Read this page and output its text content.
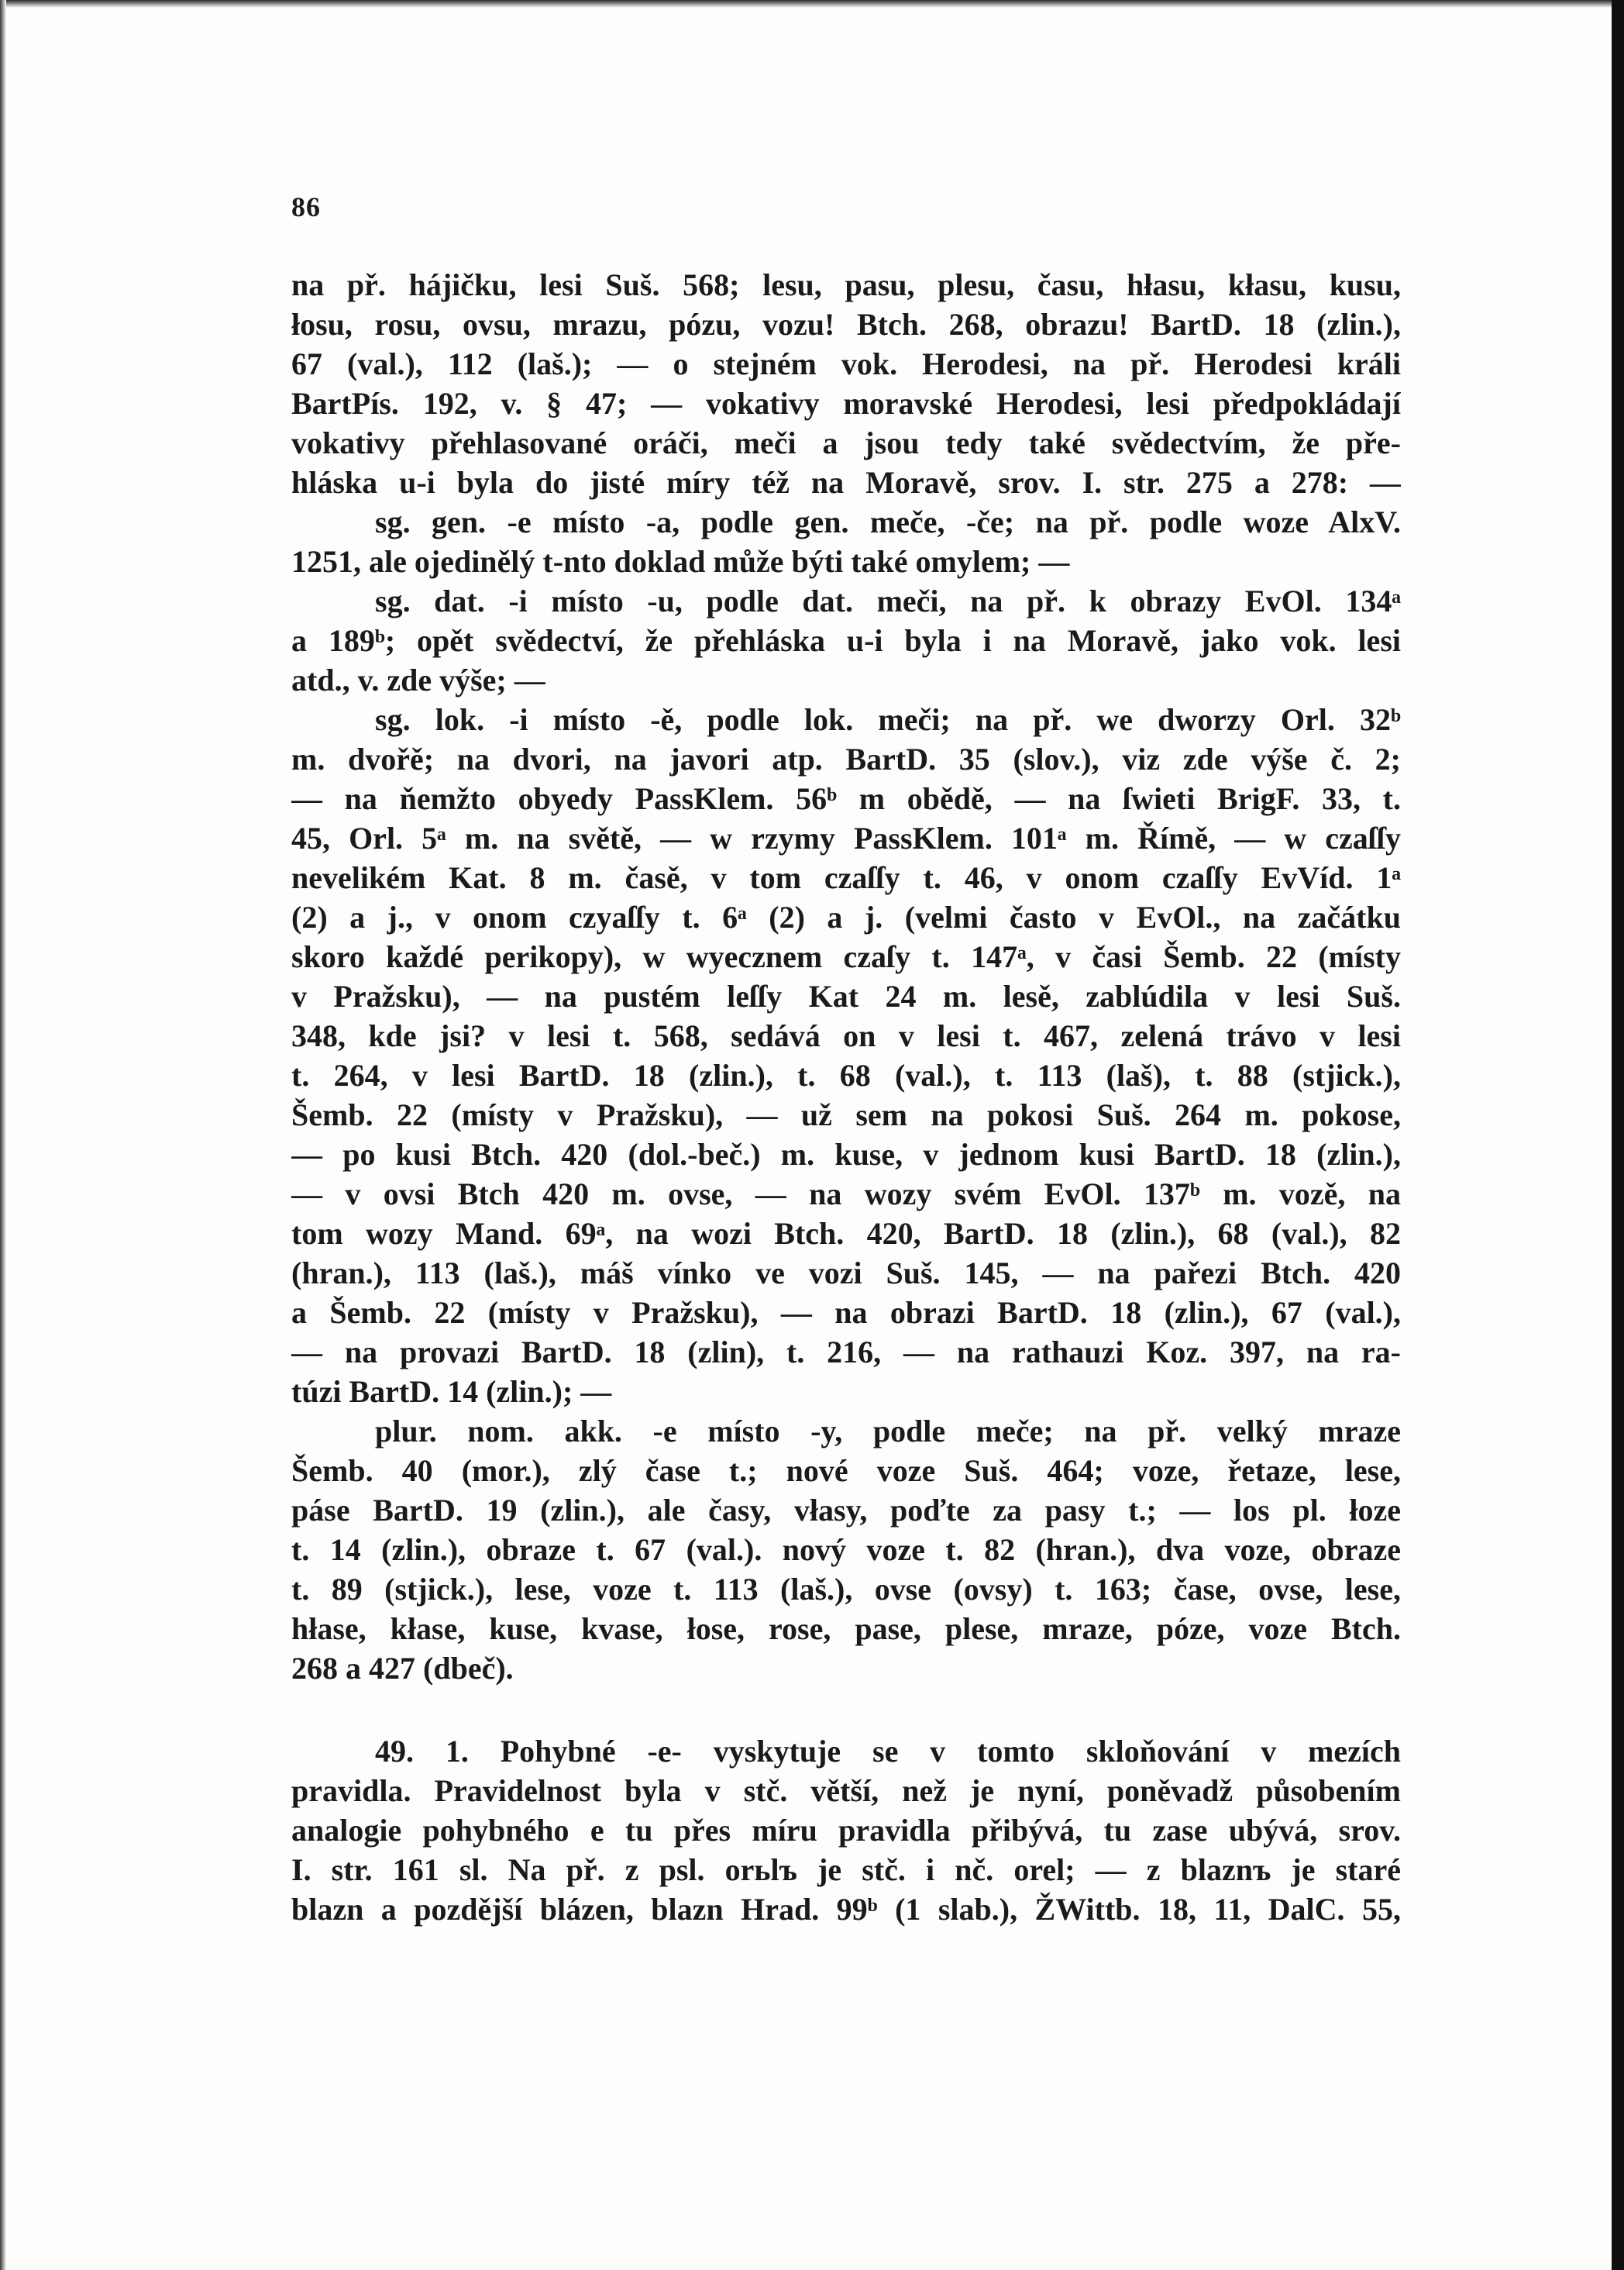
86
na př. hájičku, lesi Suš. 568; lesu, pasu, plesu, času, hłasu, kłasu, kusu,
łosu, rosu, ovsu, mrazu, pózu, vozu! Btch. 268, obrazu! BartD. 18 (zlin.),
67 (val.), 112 (laš.); — o stejném vok. Herodesi, na př. Herodesi králi
BartPís. 192, v. § 47; — vokativy moravské Herodesi, lesi předpokládají
vokativy přehlasované oráči, meči a jsou tedy také svědectvím, že pře-
hláska u-i byla do jisté míry též na Moravě, srov. I. str. 275 a 278: —
sg. gen. -e místo -a, podle gen. meče, -če; na př. podle woze AlxV.
1251, ale ojedinělý t-nto doklad může býti také omylem; —
sg. dat. -i místo -u, podle dat. meči, na př. k obrazy EvOl. 134ᵃ
a 189ᵇ; opět svědectví, že přehláska u-i byla i na Moravě, jako vok. lesi
atd., v. zde výše; —
sg. lok. -i místo -ě, podle lok. meči; na př. we dworzy Orl. 32ᵇ
m. dvořě; na dvori, na javori atp. BartD. 35 (slov.), viz zde výše č. 2;
— na ňemžto obyedy PassKlem. 56ᵇ m obědě, — na ſwieti BrigF. 33, t.
45, Orl. 5ᵃ m. na světě, — w rzymy PassKlem. 101ᵃ m. Římě, — w czaſſy
nevelikém Kat. 8 m. časě, v tom czaſſy t. 46, v onom czaſſy EvVíd. 1ᵃ
(2) a j., v onom czyaſſy t. 6ᵃ (2) a j. (velmi často v EvOl., na začátku
skoro každé perikopy), w wyecznem czaſy t. 147ᵃ, v časi Šemb. 22 (místy
v Pražsku), — na pustém leſſy Kat 24 m. lesě, zablúdila v lesi Suš.
348, kde jsi? v lesi t. 568, sedává on v lesi t. 467, zelená trávo v lesi
t. 264, v lesi BartD. 18 (zlin.), t. 68 (val.), t. 113 (laš), t. 88 (stjick.),
Šemb. 22 (místy v Pražsku), — už sem na pokosi Suš. 264 m. pokose,
— po kusi Btch. 420 (dol.-beč.) m. kuse, v jednom kusi BartD. 18 (zlin.),
— v ovsi Btch 420 m. ovse, — na wozy svém EvOl. 137ᵇ m. vozě, na
tom wozy Mand. 69ᵃ, na wozi Btch. 420, BartD. 18 (zlin.), 68 (val.), 82
(hran.), 113 (laš.), máš vínko ve vozi Suš. 145, — na pařezi Btch. 420
a Šemb. 22 (místy v Pražsku), — na obrazi BartD. 18 (zlin.), 67 (val.),
— na provazi BartD. 18 (zlin), t. 216, — na rathauzi Koz. 397, na ra-
túzi BartD. 14 (zlin.); —
plur. nom. akk. -e místo -y, podle meče; na př. velký mraze
Šemb. 40 (mor.), zlý čase t.; nové voze Suš. 464; voze, řetaze, lese,
páse BartD. 19 (zlin.), ale časy, vłasy, poďte za pasy t.; — los pl. łoze
t. 14 (zlin.), obraze t. 67 (val.). nový voze t. 82 (hran.), dva voze, obraze
t. 89 (stjick.), lese, voze t. 113 (laš.), ovse (ovsy) t. 163; čase, ovse, lese,
hłase, kłase, kuse, kvase, łose, rose, pase, plese, mraze, póze, voze Btch.
268 a 427 (dbeč).
49. 1. Pohybné -e- vyskytuje se v tomto skloňování v mezích
pravidla. Pravidelnost byla v stč. větší, než je nyní, poněvadž působením
analogie pohybného e tu přes míru pravidla přibývá, tu zase ubývá, srov.
I. str. 161 sl. Na př. z psl. orьlъ je stč. i nč. orel; — z blaznъ je staré
blazn a pozdější blázen, blazn Hrad. 99ᵇ (1 slab.), ŽWittb. 18, 11, DalC. 55,
